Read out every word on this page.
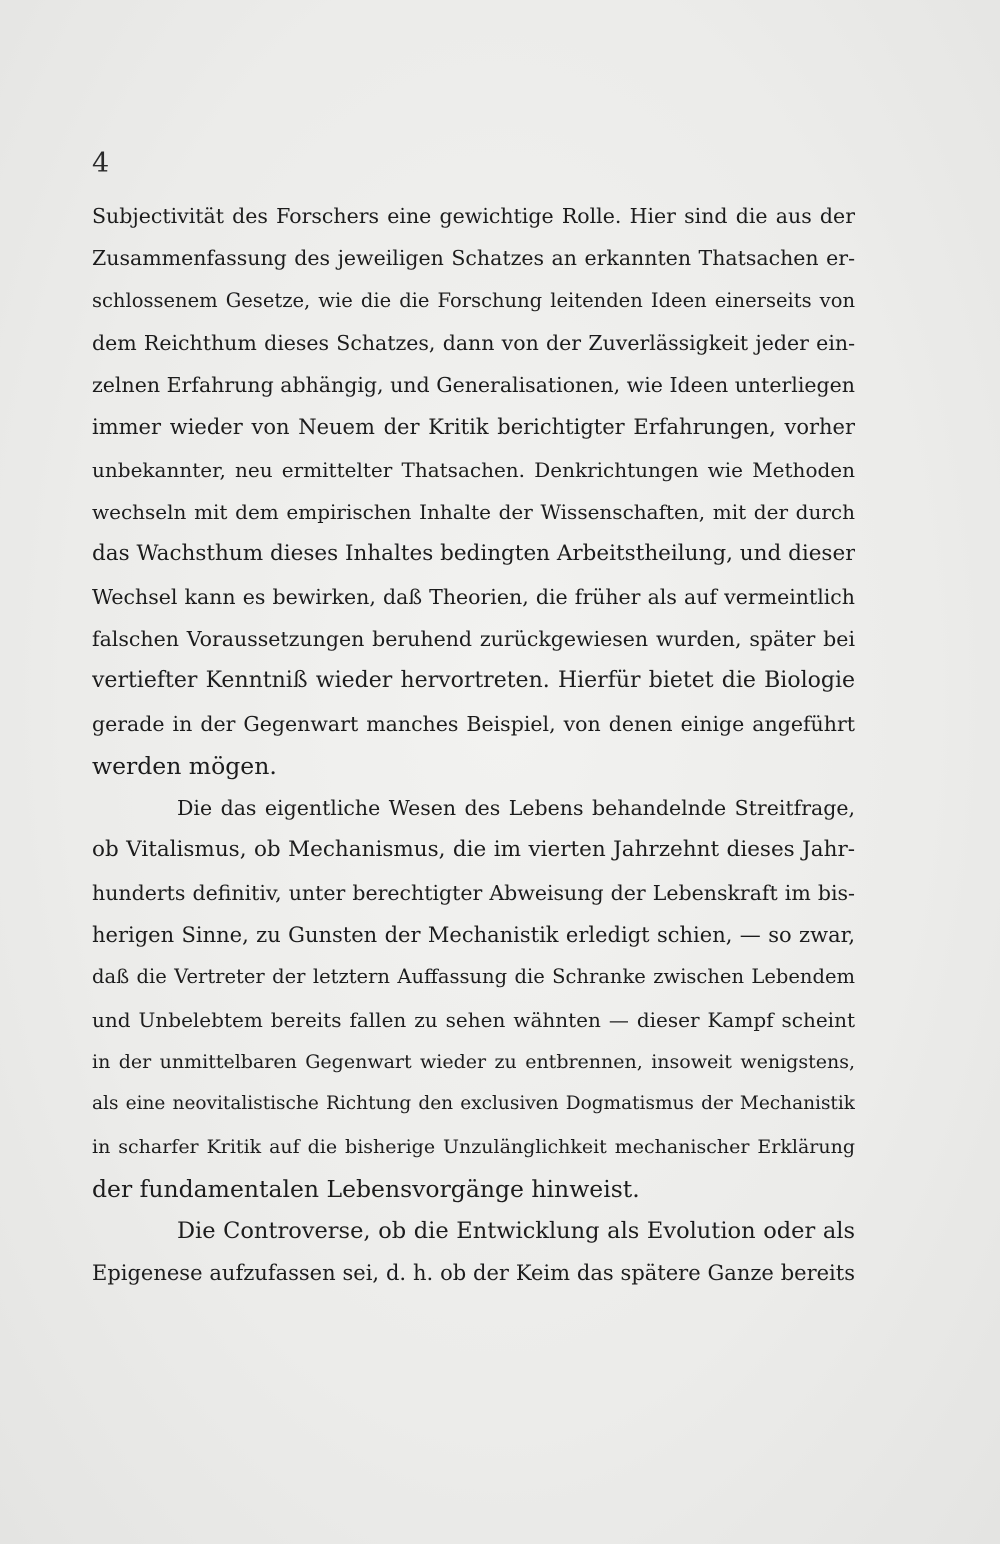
4
Subjectivität des Forschers eine gewichtige Rolle. Hier sind die aus der
Zusammenfassung des jeweiligen Schatzes an erkannten Thatsachen er-
schlossenem Gesetze, wie die die Forschung leitenden Ideen einerseits von
dem Reichthum dieses Schatzes, dann von der Zuverlässigkeit jeder ein-
zelnen Erfahrung abhängig, und Generalisationen, wie Ideen unterliegen
immer wieder von Neuem der Kritik berichtigter Erfahrungen, vorher
unbekannter, neu ermittelter Thatsachen. Denkrichtungen wie Methoden
wechseln mit dem empirischen Inhalte der Wissenschaften, mit der durch
das Wachsthum dieses Inhaltes bedingten Arbeitstheilung, und dieser
Wechsel kann es bewirken, daß Theorien, die früher als auf vermeintlich
falschen Voraussetzungen beruhend zurückgewiesen wurden, später bei
vertiefter Kenntniß wieder hervortreten. Hierfür bietet die Biologie
gerade in der Gegenwart manches Beispiel, von denen einige angeführt
werden mögen.
Die das eigentliche Wesen des Lebens behandelnde Streitfrage,
ob Vitalismus, ob Mechanismus, die im vierten Jahrzehnt dieses Jahr-
hunderts definitiv, unter berechtigter Abweisung der Lebenskraft im bis-
herigen Sinne, zu Gunsten der Mechanistik erledigt schien, — so zwar,
daß die Vertreter der letztern Auffassung die Schranke zwischen Lebendem
und Unbelebtem bereits fallen zu sehen wähnten — dieser Kampf scheint
in der unmittelbaren Gegenwart wieder zu entbrennen, insoweit wenigstens,
als eine neovitalistische Richtung den exclusiven Dogmatismus der Mechanistik
in scharfer Kritik auf die bisherige Unzulänglichkeit mechanischer Erklärung
der fundamentalen Lebensvorgänge hinweist.
Die Controverse, ob die Entwicklung als Evolution oder als
Epigenese aufzufassen sei, d. h. ob der Keim das spätere Ganze bereits
